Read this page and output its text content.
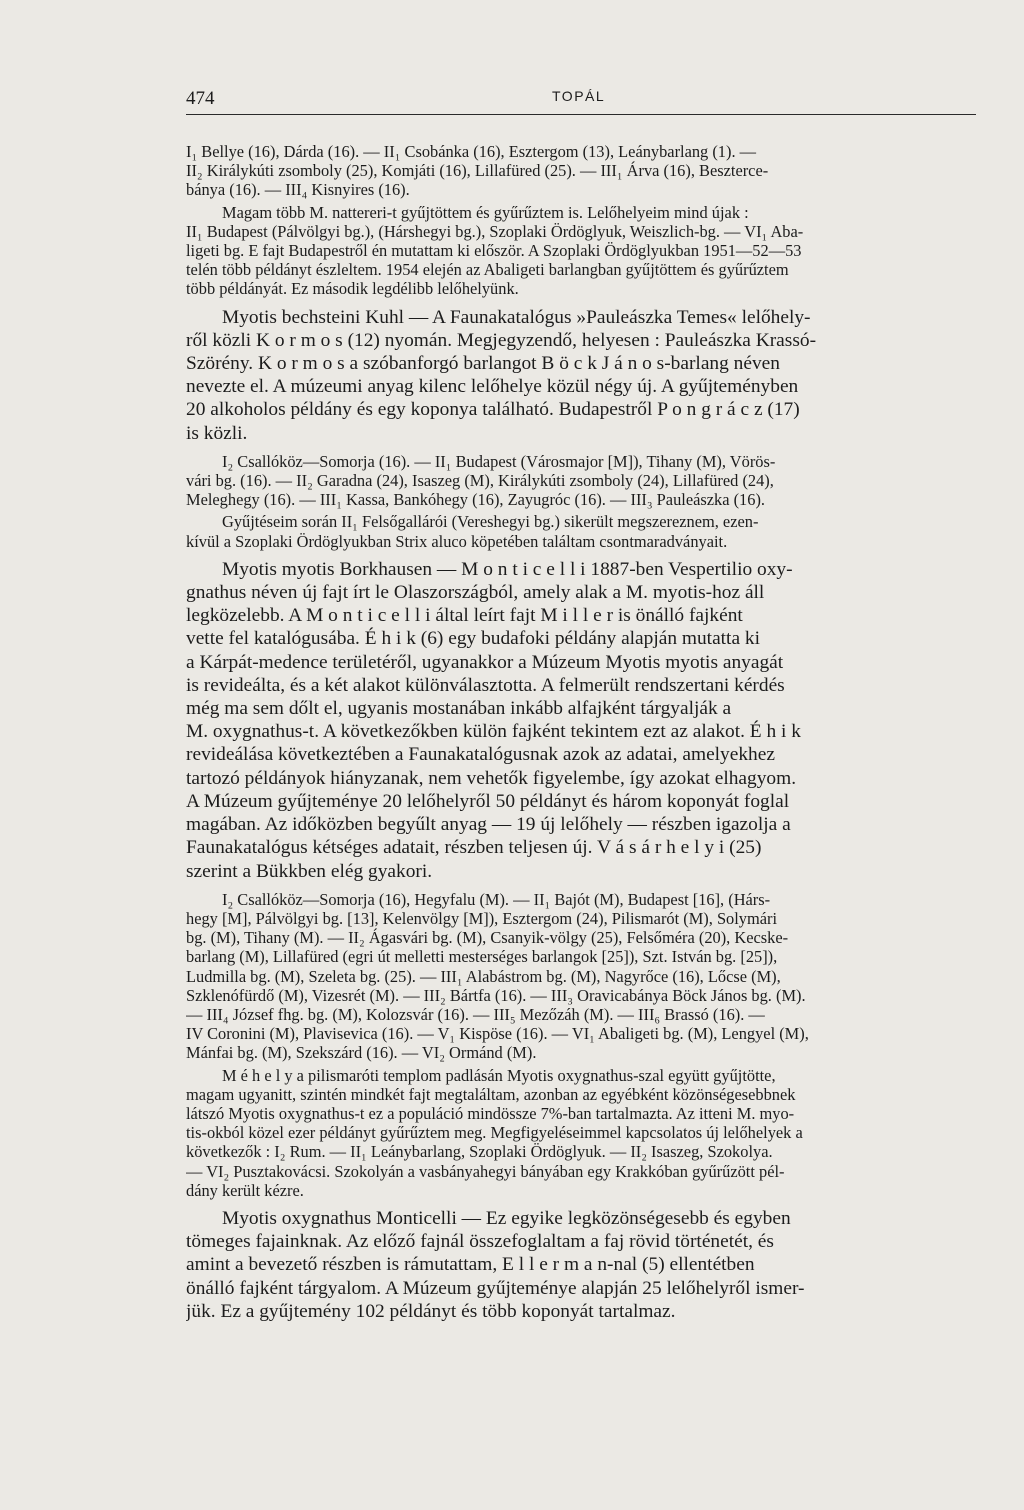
474	TOPÁL
I₁ Bellye (16), Dárda (16). — II₁ Csobánka (16), Esztergom (13), Leánybarlang (1). —
II₂ Királykúti zsomboly (25), Komjáti (16), Lillafüred (25). — III₁ Árva (16), Beszterce-
bánya (16). — III₄ Kisnyires (16).
Magam több M. nattereri-t gyűjtöttem és gyűrűztem is. Lelőhelyeim mind újak :
II₁ Budapest (Pálvölgyi bg.), (Hárshegyi bg.), Szoplaki Ördöglyuk, Weiszlich-bg. — VI₁ Aba-
ligeti bg. E fajt Budapestről én mutattam ki először. A Szoplaki Ördöglyukban 1951—52—53
telén több példányt észleltem. 1954 elején az Abaligeti barlangban gyűjtöttem és gyűrűztem
több példányát. Ez második legdélibb lelőhelyünk.
Myotis bechsteini Kuhl — A Faunakatalógus »Pauleászka Temes« lelőhely-
ről közli K o r m o s (12) nyomán. Megjegyzendő, helyesen : Pauleászka Krassó-
Szörény. K o r m o s a szóbanforgó barlangot B ö c k J á n o s-barlang néven
nevezte el. A múzeumi anyag kilenc lelőhelye közül négy új. A gyűjteményben
20 alkoholos példány és egy koponya található. Budapestről P o n g r á c z (17)
is közli.
I₂ Csallóköz—Somorja (16). — II₁ Budapest (Városmajor [M]), Tihany (M), Vörös-
vári bg. (16). — II₂ Garadna (24), Isaszeg (M), Királykúti zsomboly (24), Lillafüred (24),
Meleghegy (16). — III₁ Kassa, Bankóhegy (16), Zayugróc (16). — III₃ Pauleászka (16).
Gyűjtéseim során II₁ Felsőgallárói (Vereshegyi bg.) sikerült megszereznem, ezen-
kívül a Szoplaki Ördöglyukban Strix aluco köpetében találtam csontmaradványait.
Myotis myotis Borkhausen — M o n t i c e l l i 1887-ben Vespertilio oxy-
gnathus néven új fajt írt le Olaszországból, amely alak a M. myotis-hoz áll
legközelebb. A M o n t i c e l l i által leírt fajt M i l l e r is önálló fajként
vette fel katalógusába. É h i k (6) egy budafoki példány alapján mutatta ki
a Kárpát-medence területéről, ugyanakkor a Múzeum Myotis myotis anyagát
is revideálta, és a két alakot különválasztotta. A felmerült rendszertani kérdés
még ma sem dőlt el, ugyanis mostanában inkább alfajként tárgyalják a
M. oxygnathus-t. A következőkben külön fajként tekintem ezt az alakot. É h i k
revideálása következtében a Faunakatalógusnak azok az adatai, amelyekhez
tartozó példányok hiányzanak, nem vehetők figyelembe, így azokat elhagyom.
A Múzeum gyűjteménye 20 lelőhelyről 50 példányt és három koponyát foglal
magában. Az időközben begyűlt anyag — 19 új lelőhely — részben igazolja a
Faunakatalógus kétséges adatait, részben teljesen új. V á s á r h e l y i (25)
szerint a Bükkben elég gyakori.
I₂ Csallóköz—Somorja (16), Hegyfalu (M). — II₁ Bajót (M), Budapest [16], (Hárs-
hegy [M], Pálvölgyi bg. [13], Kelenvölgy [M]), Esztergom (24), Pilismarót (M), Solymári
bg. (M), Tihany (M). — II₂ Ágasvári bg. (M), Csanyik-völgy (25), Felsőméra (20), Kecske-
barlang (M), Lillafüred (egri út melletti mesterséges barlangok [25]), Szt. István bg. [25]),
Ludmilla bg. (M), Szeleta bg. (25). — III₁ Alabástrom bg. (M), Nagyrőce (16), Lőcse (M),
Szklenófürdő (M), Vizesrét (M). — III₂ Bártfa (16). — III₃ Oravicabánya Böck János bg. (M).
— III₄ József fhg. bg. (M), Kolozsvár (16). — III₅ Mezőzáh (M). — III₆ Brassó (16). —
IV Coronini (M), Plavisevica (16). — V₁ Kispöse (16). — VI₁ Abaligeti bg. (M), Lengyel (M),
Mánfai bg. (M), Szekszárd (16). — VI₂ Ormánd (M).
M é h e l y a pilismaróti templom padlásán Myotis oxygnathus-szal együtt gyűjtötte,
magam ugyanitt, szintén mindkét fajt megtaláltam, azonban az egyébként közönségesebbnek
látszó Myotis oxygnathus-t ez a populáció mindössze 7%-ban tartalmazta. Az itteni M. myo-
tis-okból közel ezer példányt gyűrűztem meg. Megfigyeléseimmel kapcsolatos új lelőhelyek a
következők : I₂ Rum. — II₁ Leánybarlang, Szoplaki Ördöglyuk. — II₂ Isaszeg, Szokolya.
— VI₂ Pusztakovácsi. Szokolyán a vasbányahegyi bányában egy Krakkóban gyűrűzött pél-
dány került kézre.
Myotis oxygnathus Monticelli — Ez egyike legközönségesebb és egyben
tömeges fajainknak. Az előző fajnál összefoglaltam a faj rövid történetét, és
amint a bevezető részben is rámutattam, E l l e r m a n-nal (5) ellentétben
önálló fajként tárgyalom. A Múzeum gyűjteménye alapján 25 lelőhelyről ismer-
jük. Ez a gyűjtemény 102 példányt és több koponyát tartalmaz.
